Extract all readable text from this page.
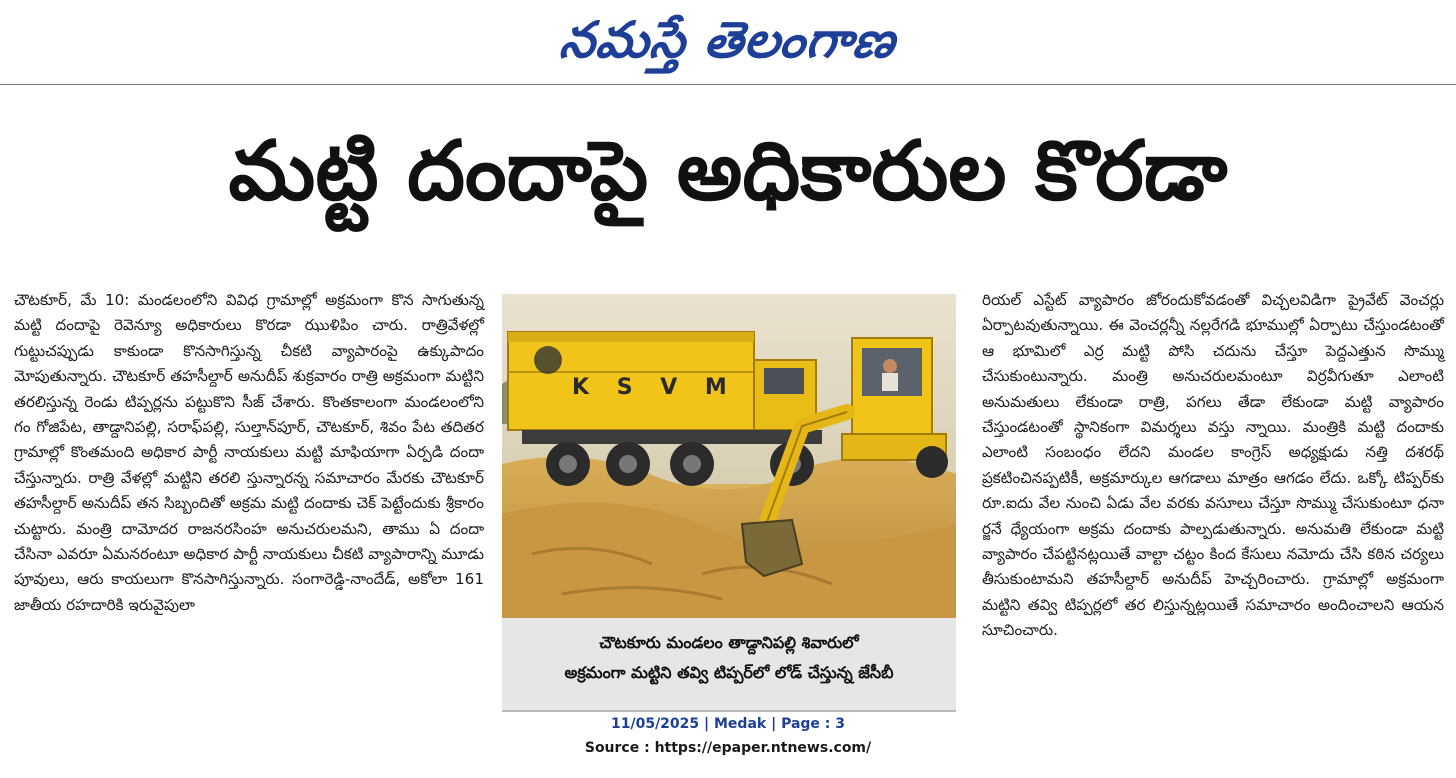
నమస్తే తెలంగాణ
మట్టి దందాపై అధికారుల కొరడా

చౌటకూర్, మే 10: మండలంలోని వివిధ గ్రామాల్లో అక్రమంగా కొన సాగుతున్న మట్టి దందాపై రెవెన్యూ అధికారులు కొరడా ఝుళిపిం చారు. రాత్రివేళల్లో గుట్టుచప్పుడు కాకుండా కొనసాగిస్తున్న చీకటి వ్యాపారంపై ఉక్కుపాదం మోపుతున్నారు. చౌటకూర్ తహసీల్దార్ అనుదీప్ శుక్రవారం రాత్రి అక్రమంగా మట్టిని తరలిస్తున్న రెండు టిప్పర్లను పట్టుకొని సీజ్ చేశారు. కొంతకాలంగా మండలంలోని గం గోజిపేట, తాడ్దానిపల్లి, సరాఫ్‌పల్లి, సుల్తాన్‌పూర్, చౌటకూర్, శివం పేట తదితర గ్రామాల్లో కొంతమంది అధికార పార్టీ నాయకులు మట్టి మాఫియాగా ఏర్పడి దందా చేస్తున్నారు. రాత్రి వేళల్లో మట్టిని తరలి స్తున్నారన్న సమాచారం మేరకు చౌటకూర్ తహసీల్దార్ అనుదీప్ తన సిబ్బందితో అక్రమ మట్టి దందాకు చెక్ పెట్టేందుకు శ్రీకారం చుట్టారు. మంత్రి దామోదర రాజనరసింహ అనుచరులమని, తాము ఏ దందా చేసినా ఎవరూ ఏమనరంటూ అధికార పార్టీ నాయకులు చీకటి వ్యాపారాన్ని మూడు పూవులు, ఆరు కాయలుగా కొనసాగిస్తున్నారు. సంగారెడ్డి-నాందేడ్, అకోలా 161 జాతీయ రహదారికి ఇరువైపులా

K S V M
చౌటకూరు మండలం తాడ్దానిపల్లి శివారులో
అక్రమంగా మట్టిని తవ్వి టిప్పర్‌లో లోడ్ చేస్తున్న జేసీబీ

రియల్ ఎస్టేట్ వ్యాపారం జోరందుకోవడంతో విచ్చలవిడిగా ప్రైవేట్ వెంచర్లు ఏర్పాటవుతున్నాయి. ఈ వెంచర్లన్నీ నల్లరేగడి భూముల్లో ఏర్పాటు చేస్తుండటంతో ఆ భూమిలో ఎర్ర మట్టి పోసి చదును చేస్తూ పెద్దఎత్తున సొమ్ము చేసుకుంటున్నారు. మంత్రి అనుచరులమంటూ విర్రవీగుతూ ఎలాంటి అనుమతులు లేకుండా రాత్రి, పగలు తేడా లేకుండా మట్టి వ్యాపారం చేస్తుండటంతో స్థానికంగా విమర్శలు వస్తు న్నాయి. మంత్రికి మట్టి దందాకు ఎలాంటి సంబంధం లేదని మండల కాంగ్రెస్ అధ్యక్షుడు నత్తి దశరథ్ ప్రకటించినప్పటికీ, అక్రమార్కుల ఆగడాలు మాత్రం ఆగడం లేదు. ఒక్కో టిప్పర్‌కు రూ.ఐదు వేల నుంచి ఏడు వేల వరకు వసూలు చేస్తూ సొమ్ము చేసుకుంటూ ధనా ర్జనే ధ్యేయంగా అక్రమ దందాకు పాల్పడుతున్నారు. అనుమతి లేకుండా మట్టి వ్యాపారం చేపట్టినట్లయితే వాల్టా చట్టం కింద కేసులు నమోదు చేసి కఠిన చర్యలు తీసుకుంటామని తహసీల్దార్ అనుదీప్ హెచ్చరించారు. గ్రామాల్లో అక్రమంగా మట్టిని తవ్వి టిప్పర్లలో తర లిస్తున్నట్లయితే సమాచారం అందించాలని ఆయన సూచించారు.

11/05/2025 | Medak | Page : 3
Source : https://epaper.ntnews.com/
